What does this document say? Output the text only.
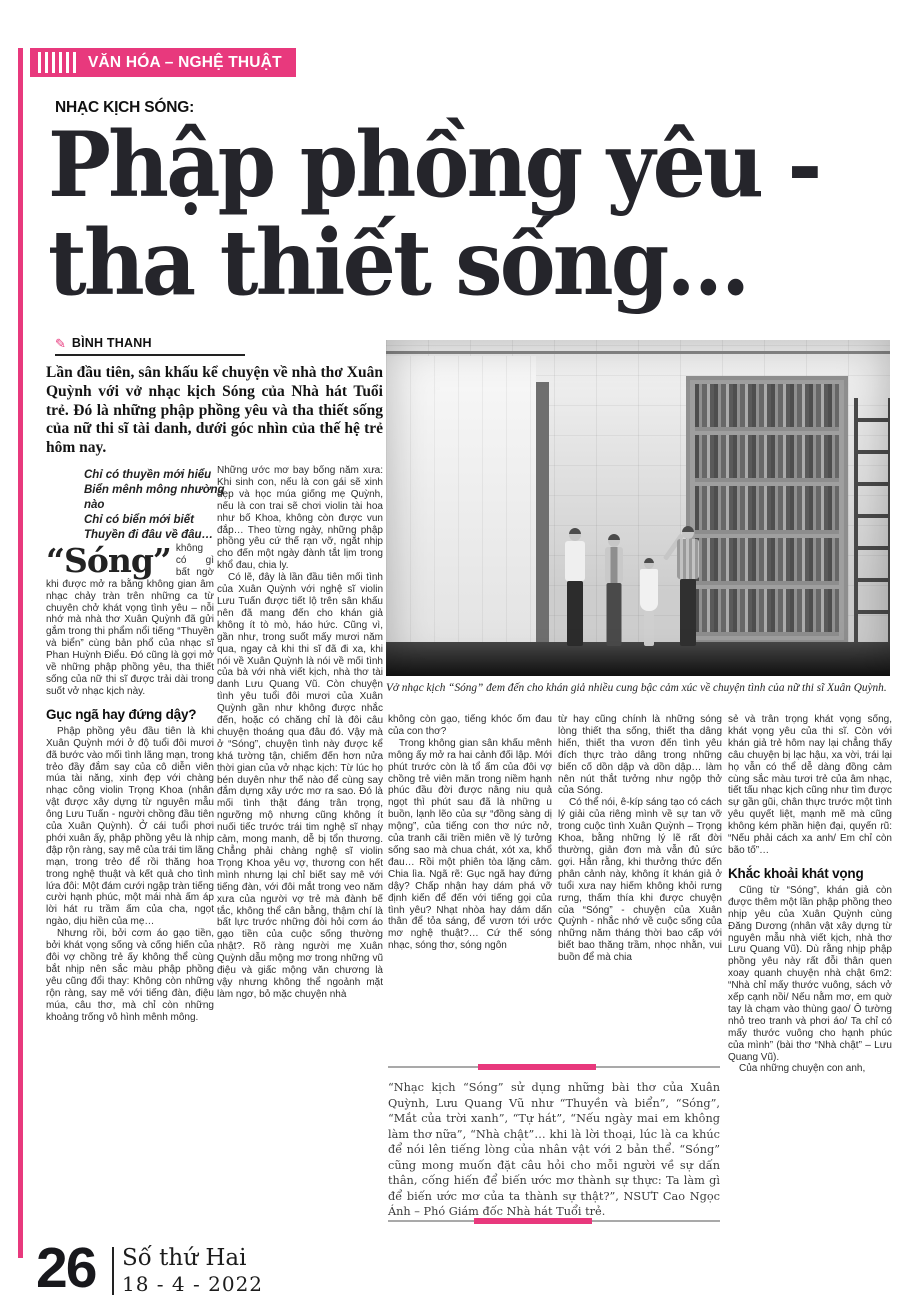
VĂN HÓA – NGHỆ THUẬT
NHẠC KỊCH SÓNG:
Phập phồng yêu -
tha thiết sống…
✎ BÌNH THANH
Lần đầu tiên, sân khấu kể chuyện về nhà thơ Xuân Quỳnh với vở nhạc kịch Sóng của Nhà hát Tuổi trẻ. Đó là những phập phồng yêu và tha thiết sống của nữ thi sĩ tài danh, dưới góc nhìn của thế hệ trẻ hôm nay.
Chỉ có thuyền mới hiểu
Biển mênh mông nhường nào
Chỉ có biển mới biết
Thuyền đi đâu về đâu…
“Sóng” không có gì bất ngờ khi được mở ra bằng không gian âm nhạc chảy tràn trên những ca từ chuyên chở khát vọng tình yêu – nỗi nhớ mà nhà thơ Xuân Quỳnh đã gửi gắm trong thi phẩm nổi tiếng “Thuyền và biển” cùng bản phổ của nhạc sĩ Phan Huỳnh Điểu. Đó cũng là gợi mở về những phập phồng yêu, tha thiết sống của nữ thi sĩ được trải dài trong suốt vở nhạc kịch này.

Gục ngã hay đứng dậy?

Phập phồng yêu đầu tiên là khi Xuân Quỳnh mới ở độ tuổi đôi mươi đã bước vào mối tình lãng mạn, trong trẻo đầy đắm say của cô diễn viên múa tài năng, xinh đẹp với chàng nhạc công violin Trọng Khoa (nhân vật được xây dựng từ nguyên mẫu ông Lưu Tuấn - người chồng đầu tiên của Xuân Quỳnh). Ở cái tuổi phơi phới xuân ấy, phập phồng yêu là nhịp đập rộn ràng, say mê của trái tim lãng mạn, trong trẻo để rồi thăng hoa trong nghệ thuật và kết quả cho tình lứa đôi: Một đám cưới ngập tràn tiếng cười hạnh phúc, một mái nhà ấm áp lời hát ru trầm ấm của cha, ngọt ngào, dịu hiền của mẹ…

Nhưng rồi, bởi cơm áo gạo tiền, bởi khát vọng sống và cống hiến của đôi vợ chồng trẻ ấy không thể cùng bắt nhịp nên sắc màu phập phồng yêu cũng đổi thay: Không còn những rộn ràng, say mê với tiếng đàn, điệu múa, câu thơ, mà chỉ còn những khoảng trống vô hình mênh mông.

Những ước mơ bay bổng năm xưa: Khi sinh con, nếu là con gái sẽ xinh đẹp và học múa giống mẹ Quỳnh, nếu là con trai sẽ chơi violin tài hoa như bố Khoa, không còn được vun đắp… Theo từng ngày, những phập phồng yêu cứ thế rạn vỡ, ngắt nhịp cho đến một ngày đành tắt lịm trong khổ đau, chia ly.

Có lẽ, đây là lần đầu tiên mối tình của Xuân Quỳnh với nghệ sĩ violin Lưu Tuấn được tiết lộ trên sân khấu nên đã mang đến cho khán giả không ít tò mò, háo hức. Cũng vì, gần như, trong suốt mấy mươi năm qua, ngay cả khi thi sĩ đã đi xa, khi nói về Xuân Quỳnh là nói về mối tình của bà với nhà viết kịch, nhà thơ tài danh Lưu Quang Vũ. Còn chuyện tình yêu tuổi đôi mươi của Xuân Quỳnh gần như không được nhắc đến, hoặc có chăng chỉ là đôi câu chuyện thoáng qua đâu đó. Vậy mà ở “Sóng”, chuyện tình này được kể khá tường tận, chiếm đến hơn nửa thời gian của vở nhạc kịch: Từ lúc họ bén duyên như thế nào để cùng say đắm dựng xây ước mơ ra sao. Đó là mối tình thật đáng trân trọng, ngưỡng mộ nhưng cũng không ít nuối tiếc trước trái tim nghệ sĩ nhạy cảm, mong manh, dễ bị tổn thương. Chẳng phải chàng nghệ sĩ violin Trọng Khoa yêu vợ, thương con hết mình nhưng lại chỉ biết say mê với tiếng đàn, với đôi mắt trong veo năm xưa của người vợ trẻ mà đành bế tắc, không thể cân bằng, thậm chí là bất lực trước những đòi hỏi cơm áo gạo tiền của cuộc sống thường nhật?. Rõ ràng người mẹ Xuân Quỳnh dẫu mộng mơ trong những vũ điệu và giấc mộng văn chương là vậy nhưng không thể ngoảnh mặt làm ngơ, bỏ mặc chuyện nhà

Vở nhạc kịch “Sóng” đem đến cho khán giả nhiều cung bậc cảm xúc về chuyện tình của nữ thi sĩ Xuân Quỳnh.

không còn gạo, tiếng khóc ốm đau của con thơ?

Trong không gian sân khấu mênh mông ấy mở ra hai cảnh đối lập. Mới phút trước còn là tổ ấm của đôi vợ chồng trẻ viên mãn trong niềm hạnh phúc đầu đời được nâng niu quả ngọt thì phút sau đã là những u buồn, lạnh lẽo của sự “đồng sàng dị mộng”, của tiếng con thơ nức nở, của tranh cãi triền miên về lý tưởng sống sao mà chua chát, xót xa, khổ đau… Rồi một phiên tòa lặng câm. Chia lìa. Ngã rẽ: Gục ngã hay đứng dậy? Chấp nhận hay dám phá vỡ định kiến để đến với tiếng gọi của tình yêu? Nhạt nhòa hay dám dấn thân để tỏa sáng, để vươn tới ước mơ nghệ thuật?… Cứ thế sóng nhạc, sóng thơ, sóng ngôn

từ hay cũng chính là những sóng lòng thiết tha sống, thiết tha dâng hiến, thiết tha vươn đến tình yêu đích thực trào dâng trong những biến cố dồn dập và dồn dập… làm nên nút thắt tưởng như ngộp thở của Sóng.

Có thể nói, ê-kíp sáng tạo có cách lý giải của riêng mình về sự tan vỡ trong cuộc tình Xuân Quỳnh – Trọng Khoa, bằng những lý lẽ rất đời thường, giản đơn mà vẫn đủ sức gợi. Hẳn rằng, khi thưởng thức đến phân cảnh này, không ít khán giả ở tuổi xưa nay hiếm không khỏi rưng rưng, thấm thía khi được chuyện của “Sóng” - chuyện của Xuân Quỳnh - nhắc nhớ về cuộc sống của những năm tháng thời bao cấp với biết bao thăng trầm, nhọc nhằn, vui buồn để mà chia

sẻ và trân trọng khát vọng sống, khát vọng yêu của thi sĩ. Còn với khán giả trẻ hôm nay lại chẳng thấy câu chuyện bị lạc hậu, xa vời, trái lại họ vẫn có thể dễ dàng đồng cảm cùng sắc màu tươi trẻ của âm nhạc, tiết tấu nhạc kịch cũng như tìm được sự gần gũi, chân thực trước một tình yêu quyết liệt, mạnh mẽ mà cũng không kém phần hiện đại, quyến rũ: “Nếu phải cách xa anh/ Em chỉ còn bão tố”…

Khắc khoải khát vọng

Cũng từ “Sóng”, khán giả còn được thêm một lần phập phồng theo nhịp yêu của Xuân Quỳnh cùng Đăng Dương (nhân vật xây dựng từ nguyên mẫu nhà viết kịch, nhà thơ Lưu Quang Vũ). Dù rằng nhịp phập phồng yêu này rất đỗi thân quen xoay quanh chuyện nhà chật 6m2: “Nhà chỉ mấy thước vuông, sách vở xếp cạnh nồi/ Nếu nằm mơ, em quờ tay là chạm vào thùng gạo/ Ô tường nhỏ treo tranh và phơi áo/ Ta chỉ có mấy thước vuông cho hạnh phúc của mình” (bài thơ “Nhà chật” – Lưu Quang Vũ).

Của những chuyện con anh,

“Nhạc kịch “Sóng” sử dụng những bài thơ của Xuân Quỳnh, Lưu Quang Vũ như “Thuyền và biển”, “Sóng”, “Mắt của trời xanh”, “Tự hát”, “Nếu ngày mai em không làm thơ nữa”, “Nhà chật”… khi là lời thoại, lúc là ca khúc để nói lên tiếng lòng của nhân vật với 2 bản thể. “Sóng” cũng mong muốn đặt câu hỏi cho mỗi người về sự dấn thân, cống hiến để biến ước mơ thành sự thực: Ta làm gì để biến ước mơ của ta thành sự thật?”, NSƯT Cao Ngọc Ánh – Phó Giám đốc Nhà hát Tuổi trẻ.
26 Số thứ Hai
18 - 4 - 2022
